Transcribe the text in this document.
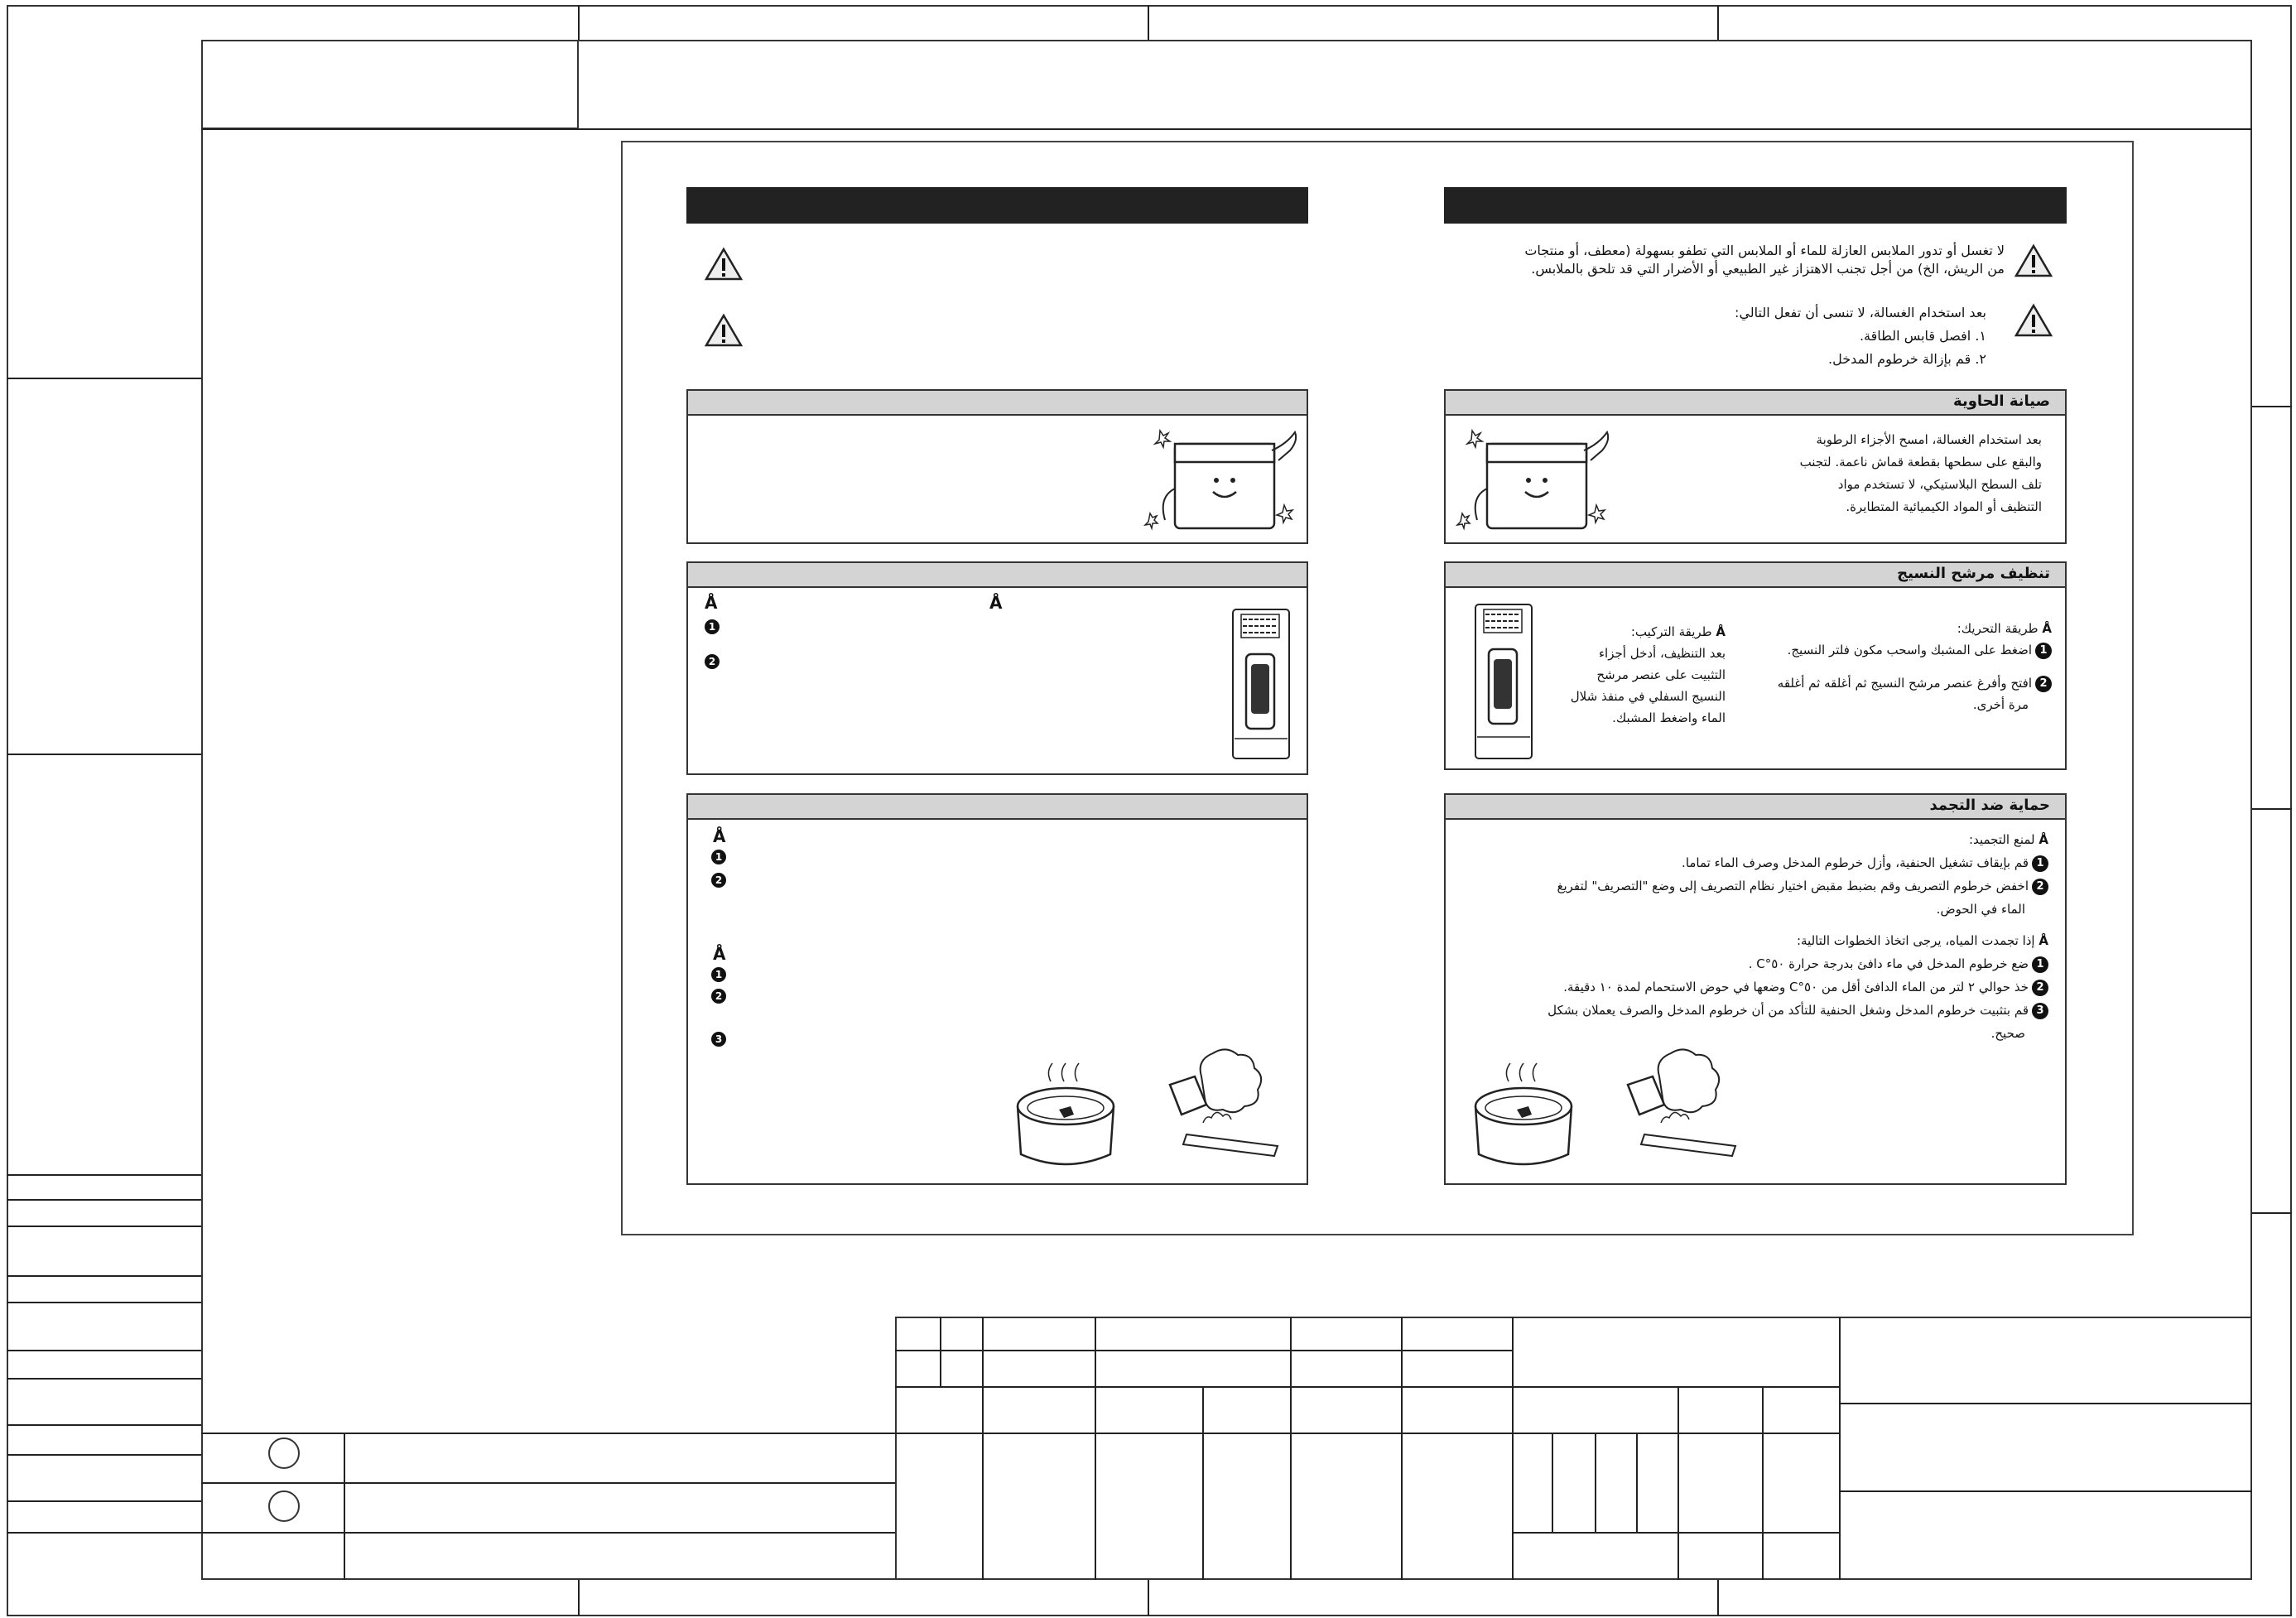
Å	Å
1
2
Å
1
2
Å
1
2
3
لا تغسل أو تدور الملابس العازلة للماء أو الملابس التي تطفو بسهولة (معطف، أو منتجات
من الريش، الخ) من أجل تجنب الاهتزاز غير الطبيعي أو الأضرار التي قد تلحق بالملابس.
بعد استخدام الغسالة، لا تنسى أن تفعل التالي:
١. افصل قابس الطاقة.
٢. قم بإزالة خرطوم المدخل.
صيانة الحاوية
بعد استخدام الغسالة، امسح الأجزاء الرطوبة
والبقع على سطحها بقطعة قماش ناعمة. لتجنب
تلف السطح البلاستيكي، لا تستخدم مواد
التنظيف أو المواد الكيميائية المتطايرة.
تنظيف مرشح النسيج
Å طريقة التركيب:
بعد التنظيف، أدخل أجزاء
التثبيت على عنصر مرشح
النسيج السفلي في منفذ شلال
الماء واضغط المشبك.
Å طريقة التحريك:
1اضغط على المشبك واسحب مكون فلتر النسيج.
2افتح وأفرغ عنصر مرشح النسيج ثم أغلقه ثم أغلقه
مرة أخرى.
حماية ضد التجمد
Å لمنع التجميد:
1قم بإيقاف تشغيل الحنفية، وأزل خرطوم المدخل وصرف الماء تماما.
2اخفض خرطوم التصريف وقم بضبط مقبض اختيار نظام التصريف إلى وضع "التصريف" لتفريغ
الماء في الحوض.
Å إذا تجمدت المياه، يرجى اتخاذ الخطوات التالية:
1ضع خرطوم المدخل في ماء دافئ بدرجة حرارة ٥٠°C .
2خذ حوالي ٢ لتر من الماء الدافئ أقل من ٥٠°C وضعها في حوض الاستحمام لمدة ١٠ دقيقة.
3قم بتثبيت خرطوم المدخل وشغل الحنفية للتأكد من أن خرطوم المدخل والصرف يعملان بشكل
صحيح.
